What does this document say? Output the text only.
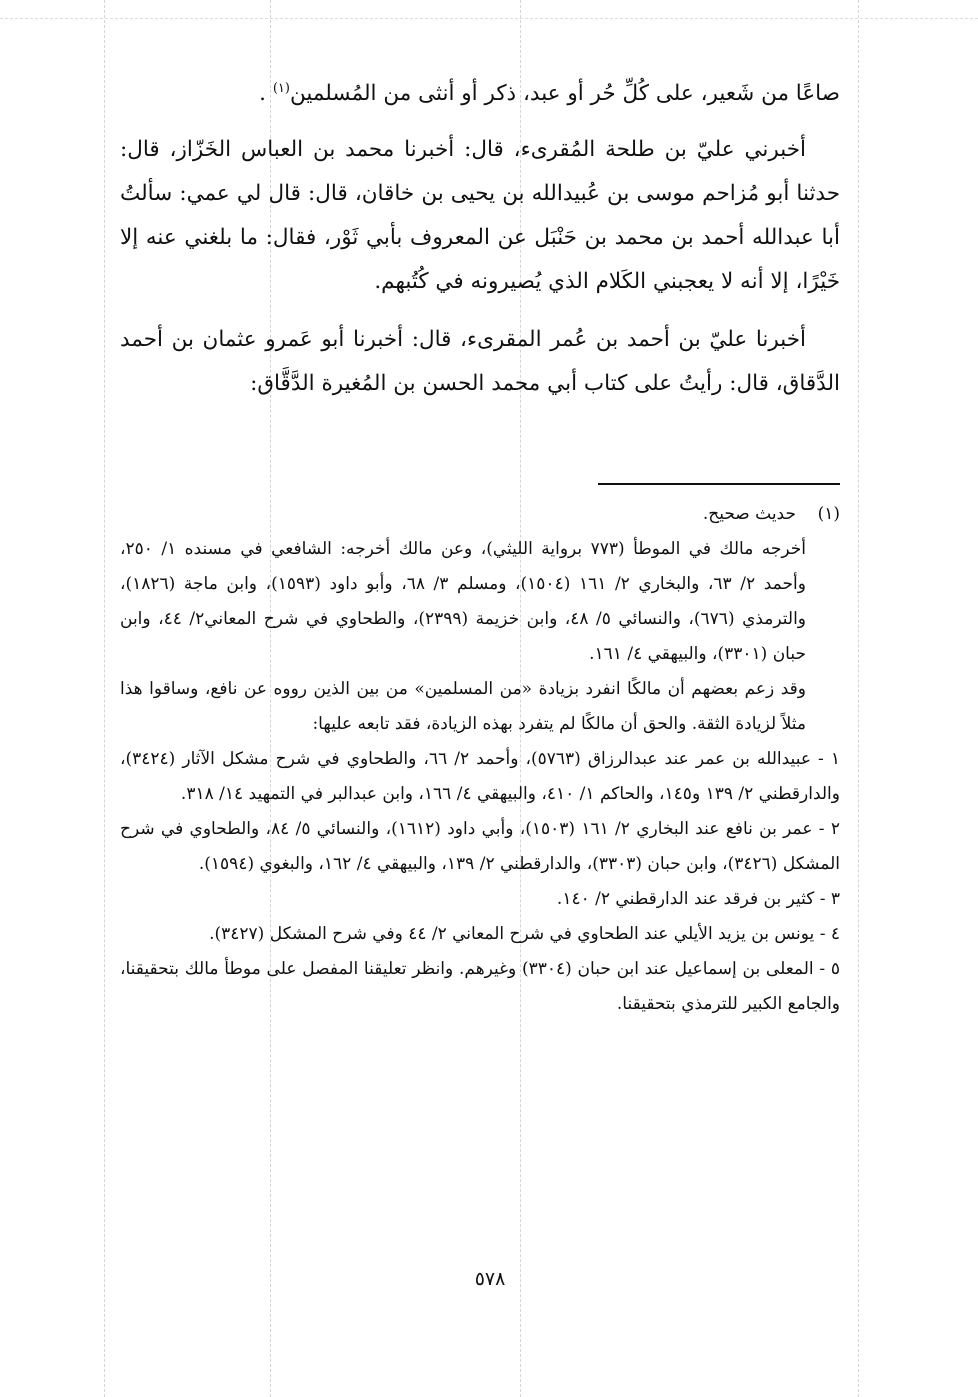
صاعًا من شَعير، على كُلِّ حُر أو عبد، ذكر أو أنثى من المُسلمين$^{(١)}$ .

أخبرني عليّ بن طلحة المُقرىء، قال: أخبرنا محمد بن العباس الخَزّاز، قال: حدثنا أبو مُزاحم موسى بن عُبيدالله بن يحيى بن خاقان، قال: قال لي عمي: سألتُ أبا عبدالله أحمد بن محمد بن حَنْبَل عن المعروف بأبي ثَوْر، فقال: ما بلغني عنه إلا خَيْرًا، إلا أنه لا يعجبني الكَلام الذي يُصيرونه في كُتُبهم.

أخبرنا عليّ بن أحمد بن عُمر المقرىء، قال: أخبرنا أبو عَمرو عثمان بن أحمد الدَّقاق، قال: رأيتُ على كتاب أبي محمد الحسن بن المُغيرة الدَّقَّاق:

(١)
حديث صحيح.

أخرجه مالك في الموطأ (٧٧٣ برواية الليثي)، وعن مالك أخرجه: الشافعي في مسنده ١/ ٢٥٠، وأحمد ٢/ ٦٣، والبخاري ٢/ ١٦١ (١٥٠٤)، ومسلم ٣/ ٦٨، وأبو داود (١٥٩٣)، وابن ماجة (١٨٢٦)، والترمذي (٦٧٦)، والنسائي ٥/ ٤٨، وابن خزيمة (٢٣٩٩)، والطحاوي في شرح المعاني٢/ ٤٤، وابن حبان (٣٣٠١)، والبيهقي ٤/ ١٦١.

وقد زعم بعضهم أن مالكًا انفرد بزيادة «من المسلمين» من بين الذين رووه عن نافع، وساقوا هذا مثلاً لزيادة الثقة. والحق أن مالكًا لم يتفرد بهذه الزيادة، فقد تابعه عليها:

١ - عبيدالله بن عمر عند عبدالرزاق (٥٧٦٣)، وأحمد ٢/ ٦٦، والطحاوي في شرح مشكل الآثار (٣٤٢٤)، والدارقطني ٢/ ١٣٩ و١٤٥، والحاكم ١/ ٤١٠، والبيهقي ٤/ ١٦٦، وابن عبدالبر في التمهيد ١٤/ ٣١٨.

٢ - عمر بن نافع عند البخاري ٢/ ١٦١ (١٥٠٣)، وأبي داود (١٦١٢)، والنسائي ٥/ ٨٤، والطحاوي في شرح المشكل (٣٤٢٦)، وابن حبان (٣٣٠٣)، والدارقطني ٢/ ١٣٩، والبيهقي ٤/ ١٦٢، والبغوي (١٥٩٤).

٣ - كثير بن فرقد عند الدارقطني ٢/ ١٤٠.

٤ - يونس بن يزيد الأيلي عند الطحاوي في شرح المعاني ٢/ ٤٤ وفي شرح المشكل (٣٤٢٧).

٥ - المعلى بن إسماعيل عند ابن حبان (٣٣٠٤) وغيرهم. وانظر تعليقنا المفصل على موطأ مالك بتحقيقنا، والجامع الكبير للترمذي بتحقيقنا.

٥٧٨
